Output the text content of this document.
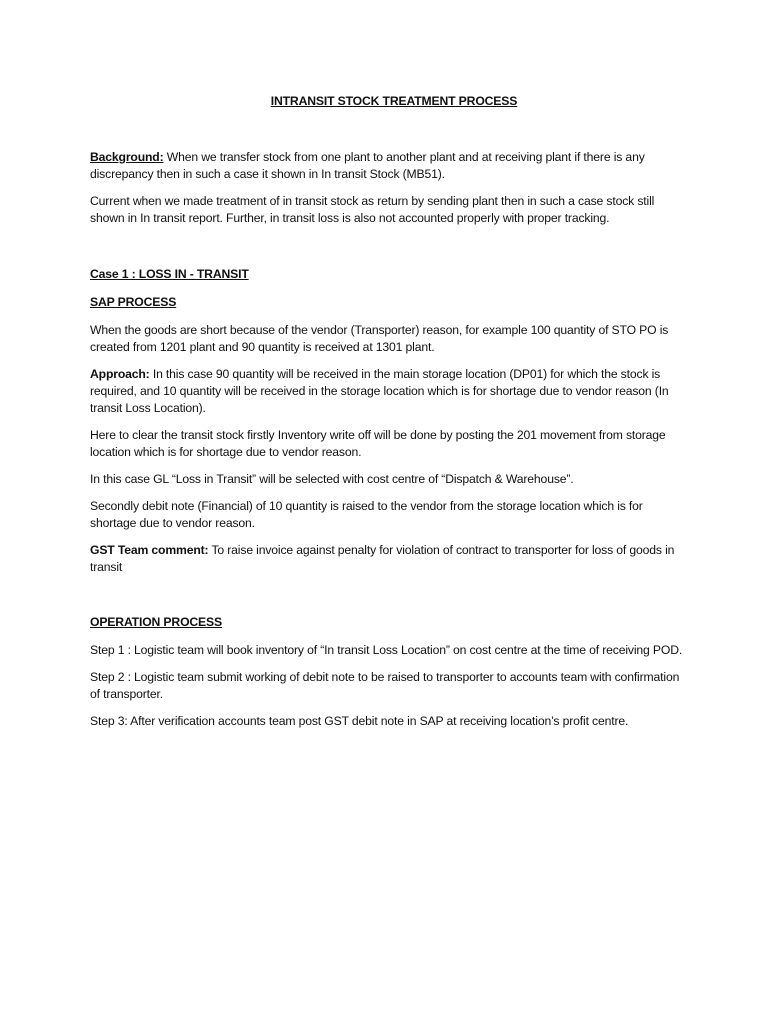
INTRANSIT STOCK TREATMENT PROCESS

Background: When we transfer stock from one plant to another plant and at receiving plant if there is any discrepancy then in such a case it shown in In transit Stock (MB51).

Current when we made treatment of in transit stock as return by sending plant then in such a case stock still shown in In transit report. Further, in transit loss is also not accounted properly with proper tracking.

Case 1 : LOSS IN - TRANSIT
SAP PROCESS

When the goods are short because of the vendor (Transporter) reason, for example 100 quantity of STO PO is created from 1201 plant and 90 quantity is received at 1301 plant.

Approach: In this case 90 quantity will be received in the main storage location (DP01) for which the stock is required, and 10 quantity will be received in the storage location which is for shortage due to vendor reason (In transit Loss Location).

Here to clear the transit stock firstly Inventory write off will be done by posting the 201 movement from storage location which is for shortage due to vendor reason.

In this case GL “Loss in Transit” will be selected with cost centre of “Dispatch & Warehouse”.

Secondly debit note (Financial) of 10 quantity is raised to the vendor from the storage location which is for shortage due to vendor reason.

GST Team comment: To raise invoice against penalty for violation of contract to transporter for loss of goods in transit

OPERATION PROCESS

Step 1 : Logistic team will book inventory of “In transit Loss Location” on cost centre at the time of receiving POD.

Step 2 : Logistic team submit working of debit note to be raised to transporter to accounts team with confirmation of transporter.

Step 3: After verification accounts team post GST debit note in SAP at receiving location’s profit centre.
